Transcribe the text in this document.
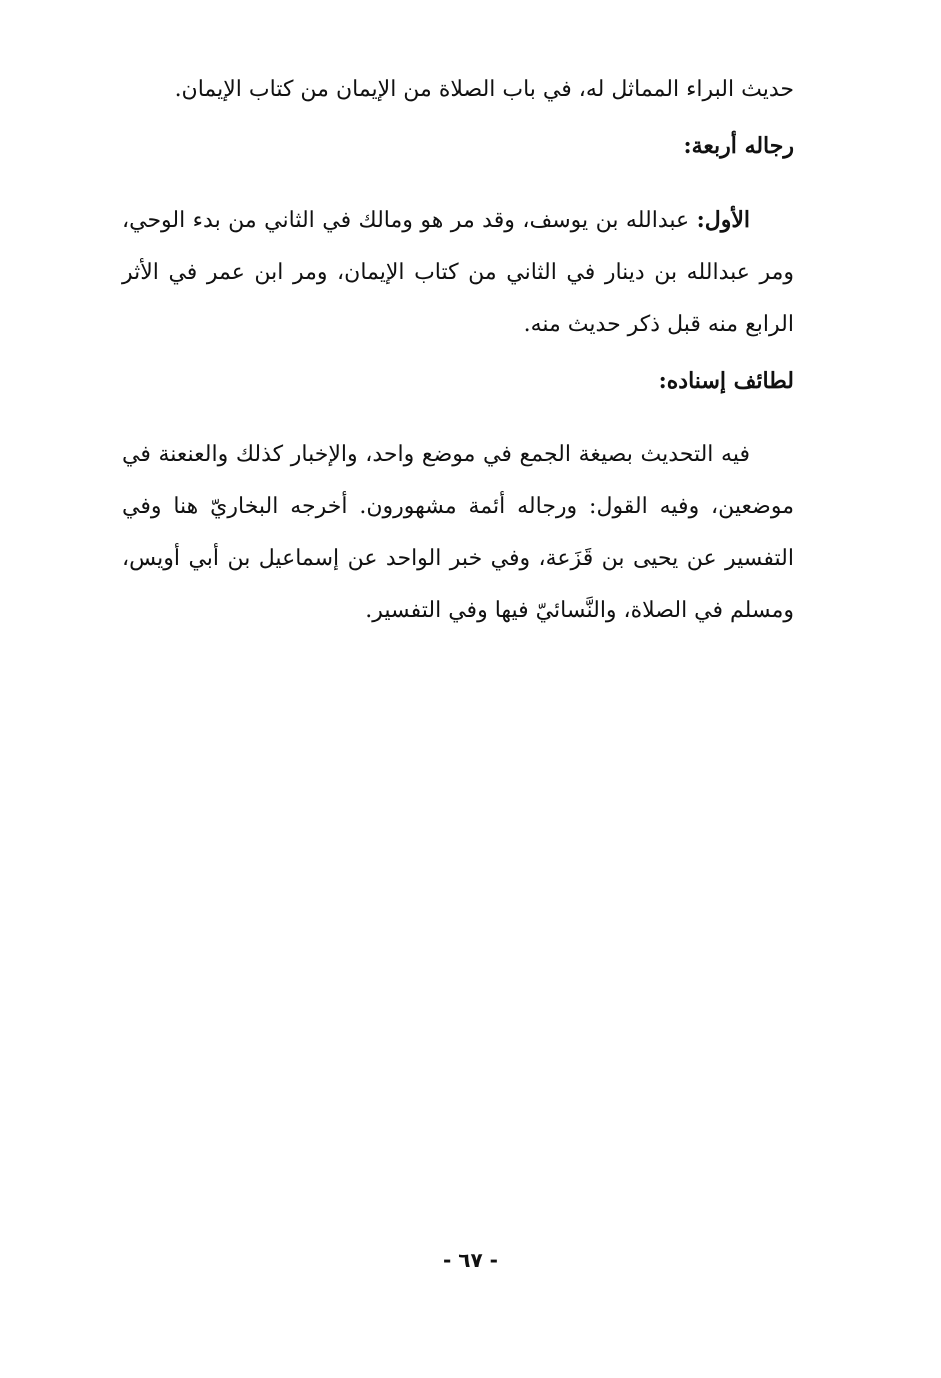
حديث البراء المماثل له، في باب الصلاة من الإيمان من كتاب الإيمان.

رجاله أربعة:

الأول: عبدالله بن يوسف، وقد مر هو ومالك في الثاني من بدء الوحي، ومر عبدالله بن دينار في الثاني من كتاب الإيمان، ومر ابن عمر في الأثر الرابع منه قبل ذكر حديث منه.

لطائف إسناده:

فيه التحديث بصيغة الجمع في موضع واحد، والإخبار كذلك والعنعنة في موضعين، وفيه القول: ورجاله أئمة مشهورون. أخرجه البخاريّ هنا وفي التفسير عن يحيى بن قَزَعة، وفي خبر الواحد عن إسماعيل بن أبي أويس، ومسلم في الصلاة، والنَّسائيّ فيها وفي التفسير.

- ٦٧ -
